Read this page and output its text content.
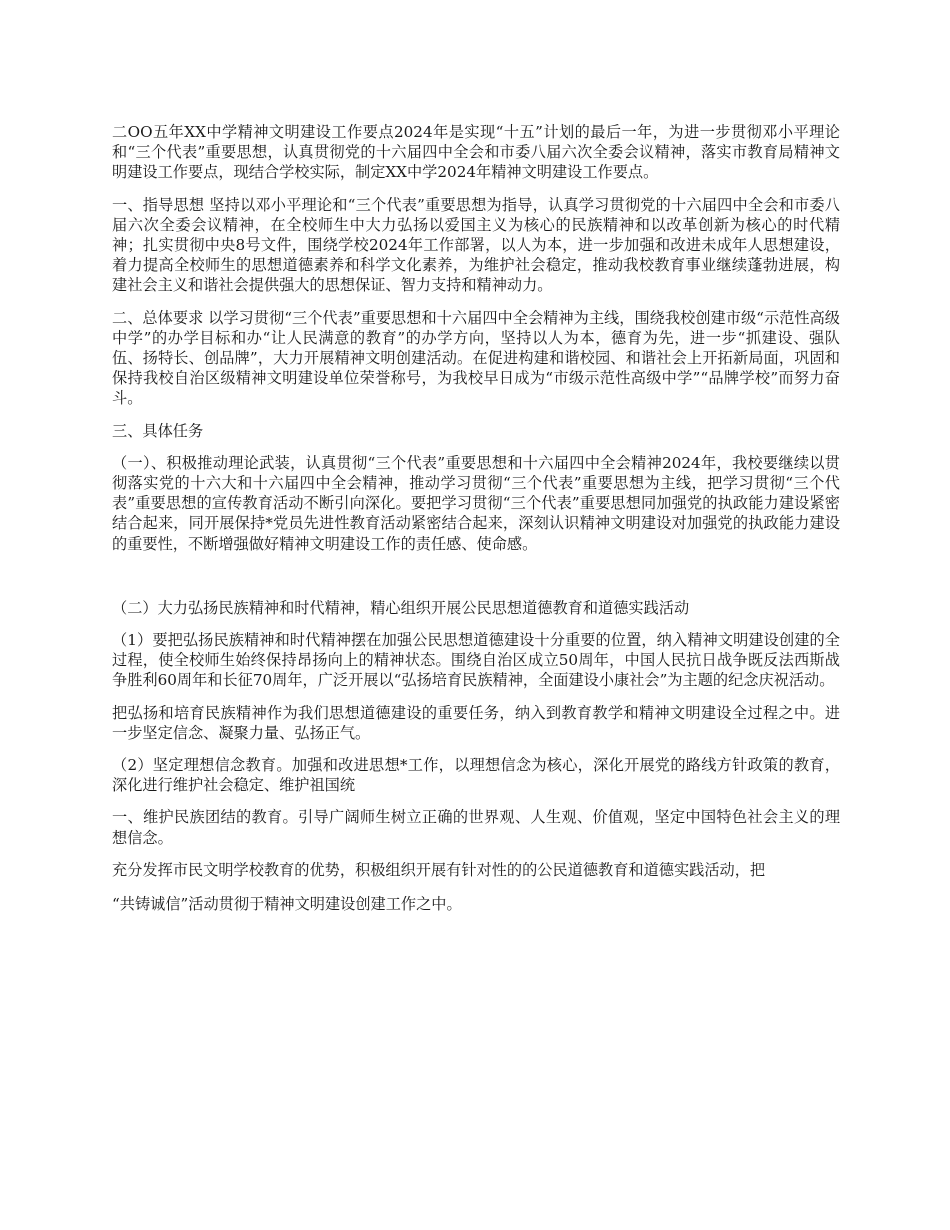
二OO五年XX中学精神文明建设工作要点2024年是实现“十五”计划的最后一年，为进一步贯彻邓小平理论和“三个代表”重要思想，认真贯彻党的十六届四中全会和市委八届六次全委会议精神，落实市教育局精神文明建设工作要点，现结合学校实际，制定XX中学2024年精神文明建设工作要点。

一、指导思想 坚持以邓小平理论和“三个代表”重要思想为指导，认真学习贯彻党的十六届四中全会和市委八届六次全委会议精神，在全校师生中大力弘扬以爱国主义为核心的民族精神和以改革创新为核心的时代精神；扎实贯彻中央8号文件，围绕学校2024年工作部署，以人为本，进一步加强和改进未成年人思想建设，着力提高全校师生的思想道德素养和科学文化素养，为维护社会稳定，推动我校教育事业继续蓬勃进展，构建社会主义和谐社会提供强大的思想保证、智力支持和精神动力。

二、总体要求 以学习贯彻“三个代表”重要思想和十六届四中全会精神为主线，围绕我校创建市级“示范性高级中学”的办学目标和办“让人民满意的教育”的办学方向，坚持以人为本，德育为先，进一步“抓建设、强队伍、扬特长、创品牌”，大力开展精神文明创建活动。在促进构建和谐校园、和谐社会上开拓新局面，巩固和保持我校自治区级精神文明建设单位荣誉称号，为我校早日成为“市级示范性高级中学”“品牌学校”而努力奋斗。

三、具体任务

（一）、积极推动理论武装，认真贯彻“三个代表”重要思想和十六届四中全会精神2024年，我校要继续以贯彻落实党的十六大和十六届四中全会精神，推动学习贯彻“三个代表”重要思想为主线，把学习贯彻“三个代表”重要思想的宣传教育活动不断引向深化。要把学习贯彻“三个代表”重要思想同加强党的执政能力建设紧密结合起来，同开展保持*党员先进性教育活动紧密结合起来，深刻认识精神文明建设对加强党的执政能力建设的重要性，不断增强做好精神文明建设工作的责任感、使命感。

（二）大力弘扬民族精神和时代精神，精心组织开展公民思想道德教育和道德实践活动

（1）要把弘扬民族精神和时代精神摆在加强公民思想道德建设十分重要的位置，纳入精神文明建设创建的全过程，使全校师生始终保持昂扬向上的精神状态。围绕自治区成立50周年，中国人民抗日战争既反法西斯战争胜利60周年和长征70周年，广泛开展以“弘扬培育民族精神，全面建设小康社会”为主题的纪念庆祝活动。

把弘扬和培育民族精神作为我们思想道德建设的重要任务，纳入到教育教学和精神文明建设全过程之中。进一步坚定信念、凝聚力量、弘扬正气。

（2）坚定理想信念教育。加强和改进思想*工作，以理想信念为核心，深化开展党的路线方针政策的教育，深化进行维护社会稳定、维护祖国统

一、维护民族团结的教育。引导广阔师生树立正确的世界观、人生观、价值观，坚定中国特色社会主义的理想信念。

充分发挥市民文明学校教育的优势，积极组织开展有针对性的的公民道德教育和道德实践活动，把

“共铸诚信”活动贯彻于精神文明建设创建工作之中。
